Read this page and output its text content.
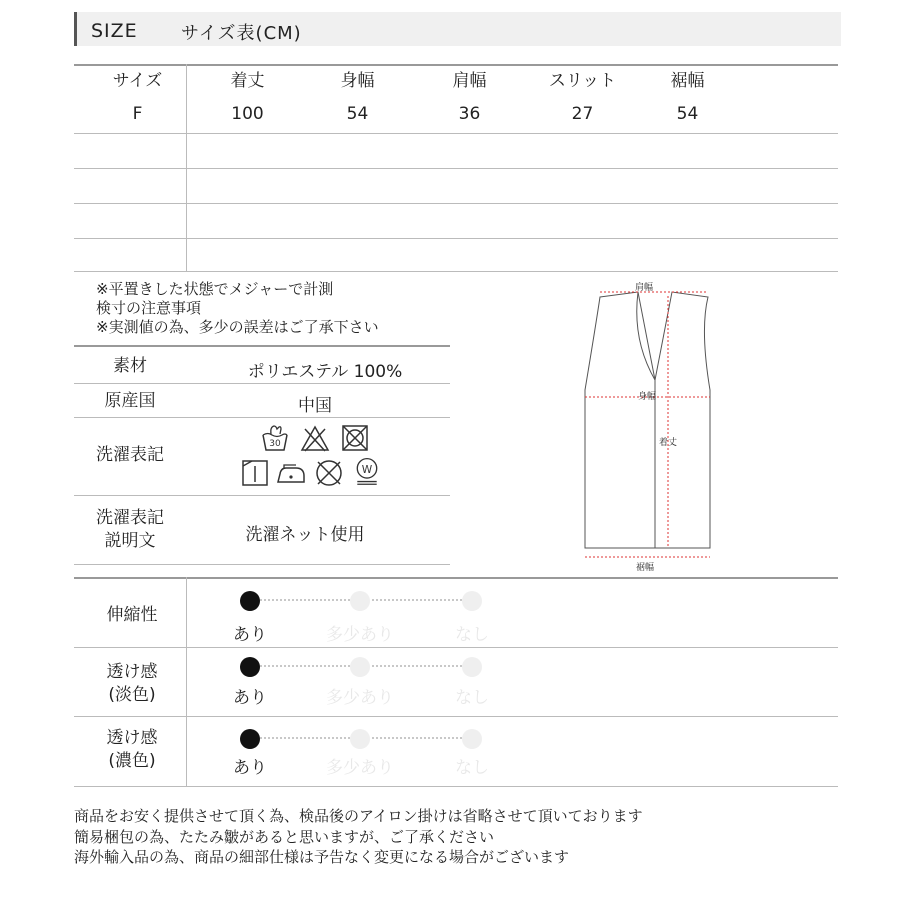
SIZE サイズ表(CM)
サイズ	着丈	身幅	肩幅	スリット	裾幅
F	100	54	36	27	54
※平置きした状態でメジャーで計測
検寸の注意事項
※実測値の為、多少の誤差はご了承下さい
素材	ポリエステル 100%
原産国	中国
洗濯表記
洗濯表記
説明文	洗濯ネット使用
30
W
肩幅
身幅
着丈
裾幅
伸縮性
あり	多少あり	なし
透け感
(淡色)	あり	多少あり	なし
透け感
(濃色)	あり	多少あり	なし
商品をお安く提供させて頂く為、検品後のアイロン掛けは省略させて頂いております
簡易梱包の為、たたみ皺があると思いますが、ご了承ください
海外輸入品の為、商品の細部仕様は予告なく変更になる場合がございます
